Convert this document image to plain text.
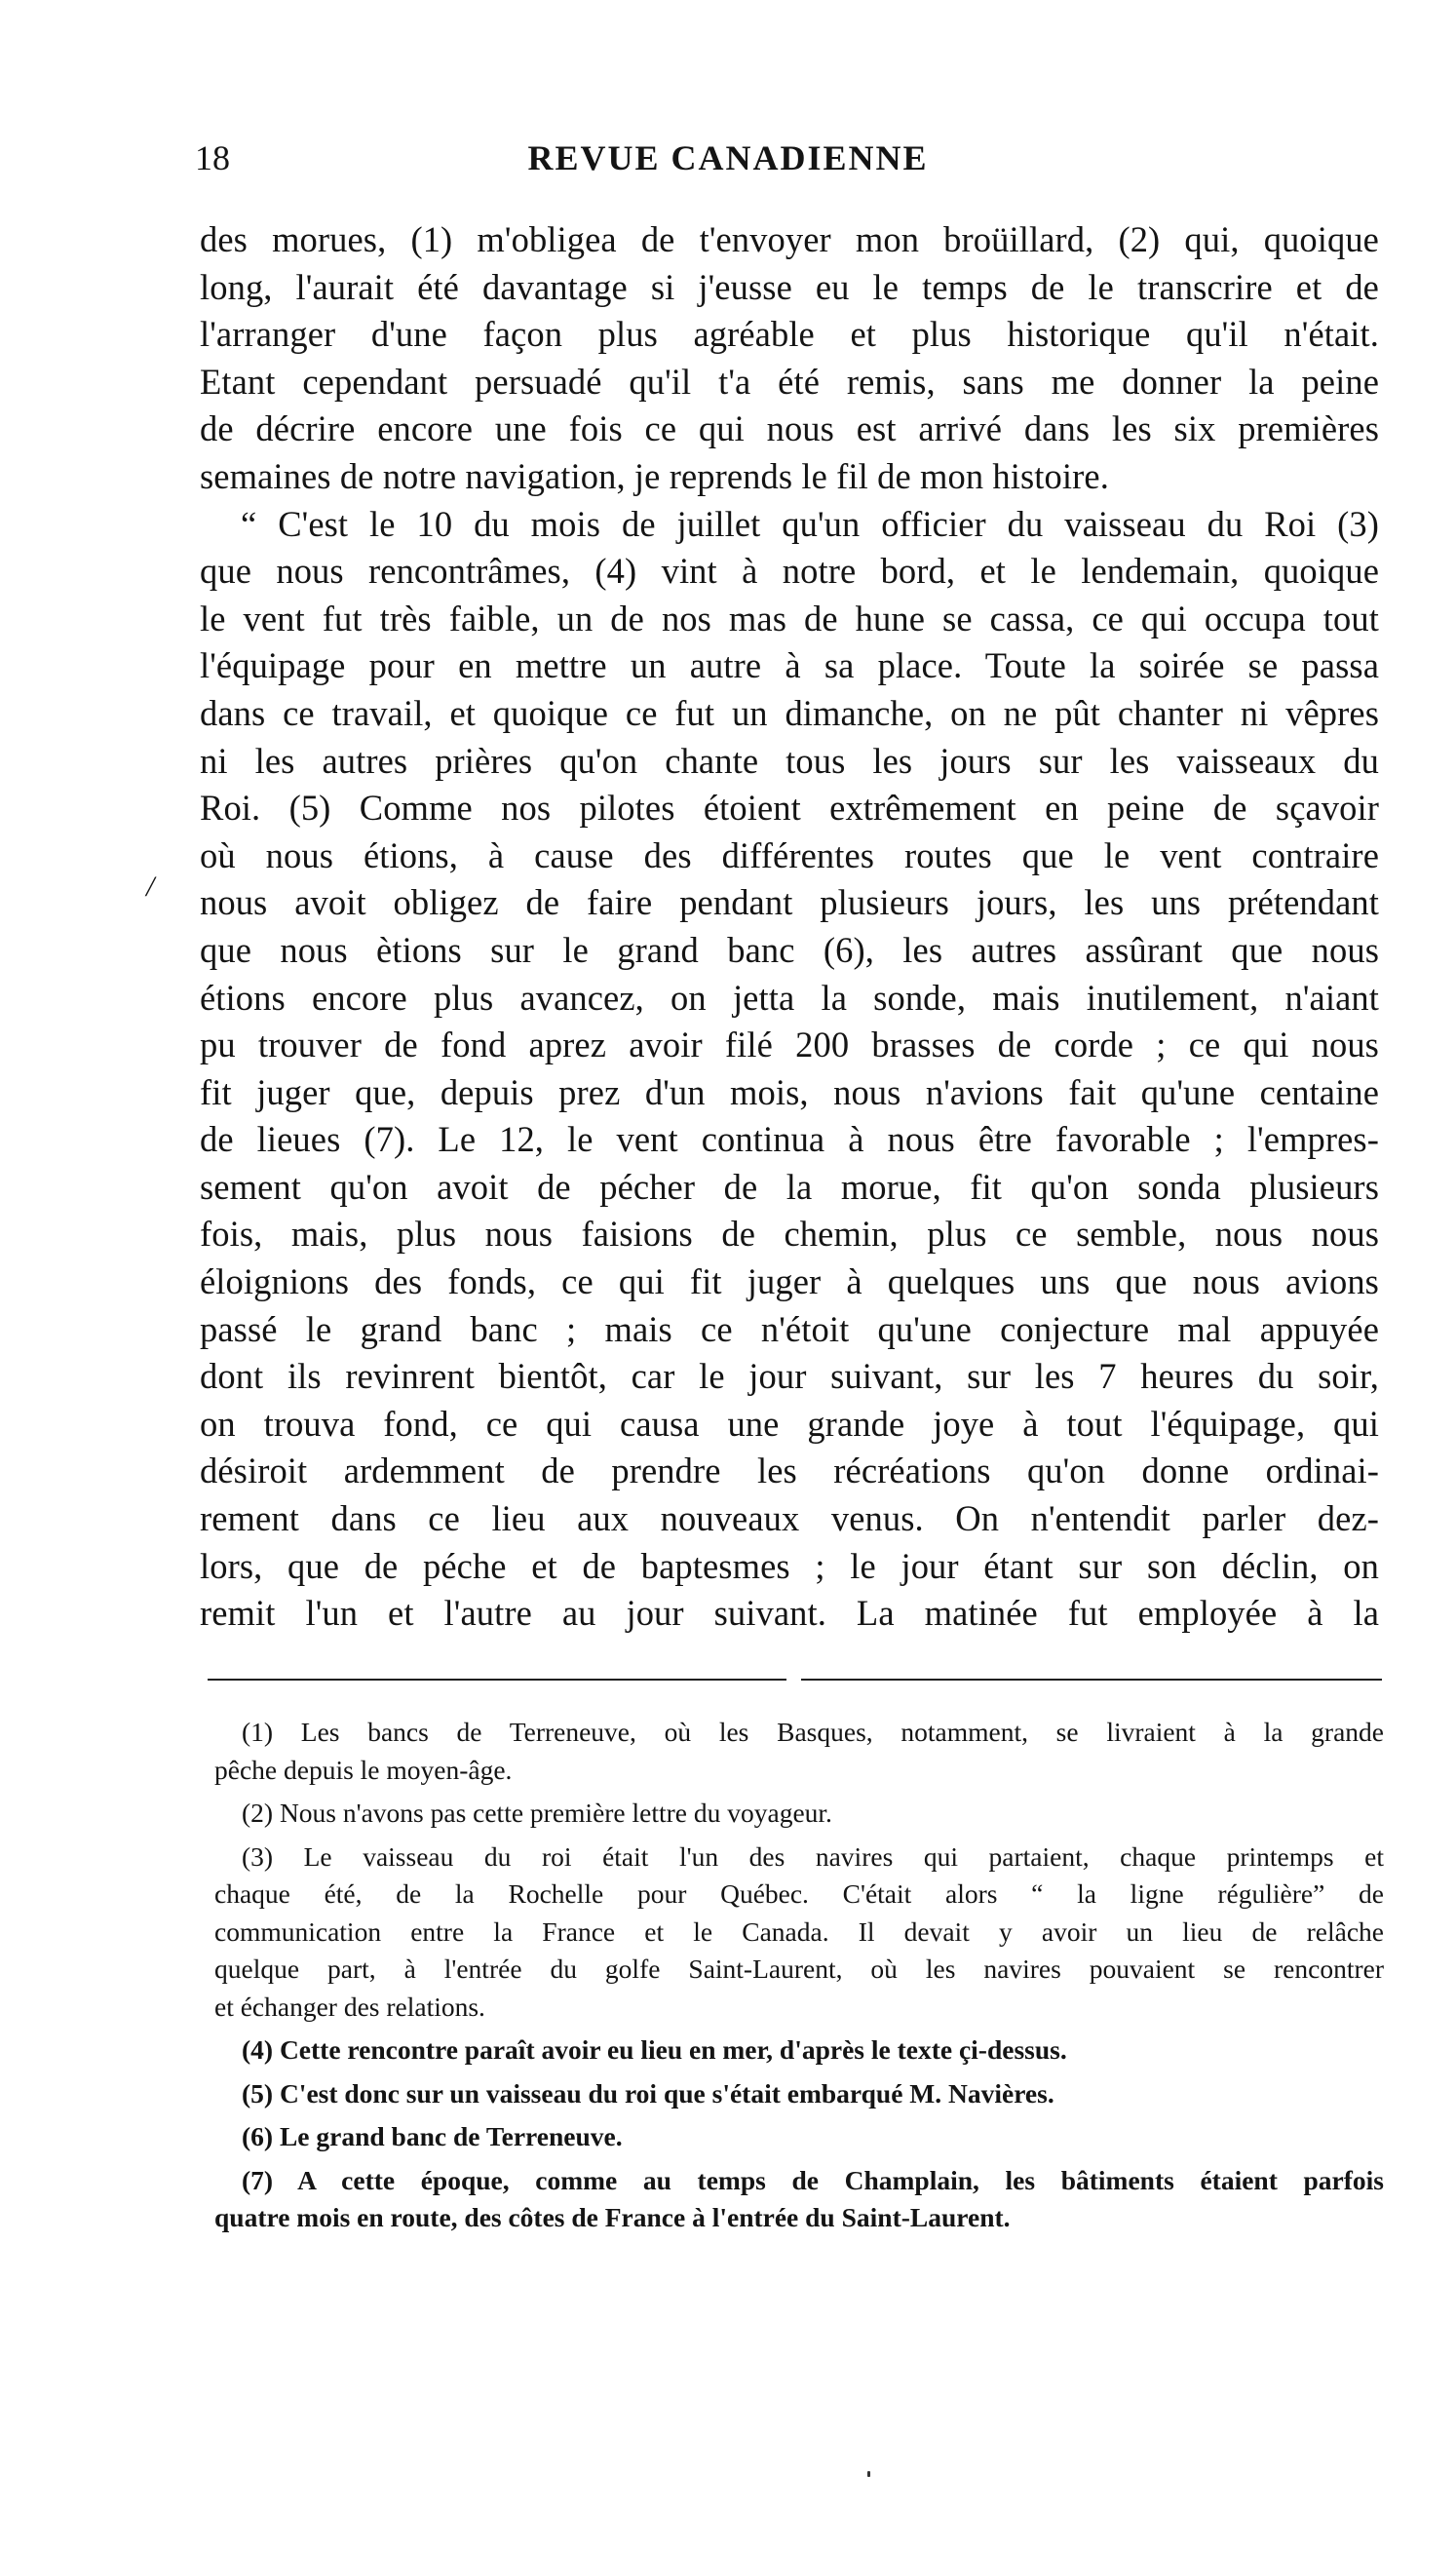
18	REVUE CANADIENNE
/
des morues, (1) m'obligea de t'envoyer mon broüillard, (2) qui, quoique
long, l'aurait été davantage si j'eusse eu le temps de le transcrire et de
l'arranger d'une façon plus agréable et plus historique qu'il n'était.
Etant cependant persuadé qu'il t'a été remis, sans me donner la peine
de décrire encore une fois ce qui nous est arrivé dans les six premières
semaines de notre navigation, je reprends le fil de mon histoire.
“ C'est le 10 du mois de juillet qu'un officier du vaisseau du Roi (3)
que nous rencontrâmes, (4) vint à notre bord, et le lendemain, quoique
le vent fut très faible, un de nos mas de hune se cassa, ce qui occupa tout
l'équipage pour en mettre un autre à sa place. Toute la soirée se passa
dans ce travail, et quoique ce fut un dimanche, on ne pût chanter ni vêpres
ni les autres prières qu'on chante tous les jours sur les vaisseaux du
Roi. (5) Comme nos pilotes étoient extrêmement en peine de sçavoir
où nous étions, à cause des différentes routes que le vent contraire
nous avoit obligez de faire pendant plusieurs jours, les uns prétendant
que nous ètions sur le grand banc (6), les autres assûrant que nous
étions encore plus avancez, on jetta la sonde, mais inutilement, n'aiant
pu trouver de fond aprez avoir filé 200 brasses de corde ; ce qui nous
fit juger que, depuis prez d'un mois, nous n'avions fait qu'une centaine
de lieues (7). Le 12, le vent continua à nous être favorable ; l'empres-
sement qu'on avoit de pécher de la morue, fit qu'on sonda plusieurs
fois, mais, plus nous faisions de chemin, plus ce semble, nous nous
éloignions des fonds, ce qui fit juger à quelques uns que nous avions
passé le grand banc ; mais ce n'étoit qu'une conjecture mal appuyée
dont ils revinrent bientôt, car le jour suivant, sur les 7 heures du soir,
on trouva fond, ce qui causa une grande joye à tout l'équipage, qui
désiroit ardemment de prendre les récréations qu'on donne ordinai-
rement dans ce lieu aux nouveaux venus. On n'entendit parler dez-
lors, que de péche et de baptesmes ; le jour étant sur son déclin, on
remit l'un et l'autre au jour suivant. La matinée fut employée à la
(1) Les bancs de Terreneuve, où les Basques, notamment, se livraient à la grande
pêche depuis le moyen-âge.
(2) Nous n'avons pas cette première lettre du voyageur.
(3) Le vaisseau du roi était l'un des navires qui partaient, chaque printemps et
chaque été, de la Rochelle pour Québec. C'était alors “ la ligne régulière” de
communication entre la France et le Canada. Il devait y avoir un lieu de relâche
quelque part, à l'entrée du golfe Saint-Laurent, où les navires pouvaient se rencontrer
et échanger des relations.
(4) Cette rencontre paraît avoir eu lieu en mer, d'après le texte çi-dessus.
(5) C'est donc sur un vaisseau du roi que s'était embarqué M. Navières.
(6) Le grand banc de Terreneuve.
(7) A cette époque, comme au temps de Champlain, les bâtiments étaient parfois
quatre mois en route, des côtes de France à l'entrée du Saint-Laurent.
